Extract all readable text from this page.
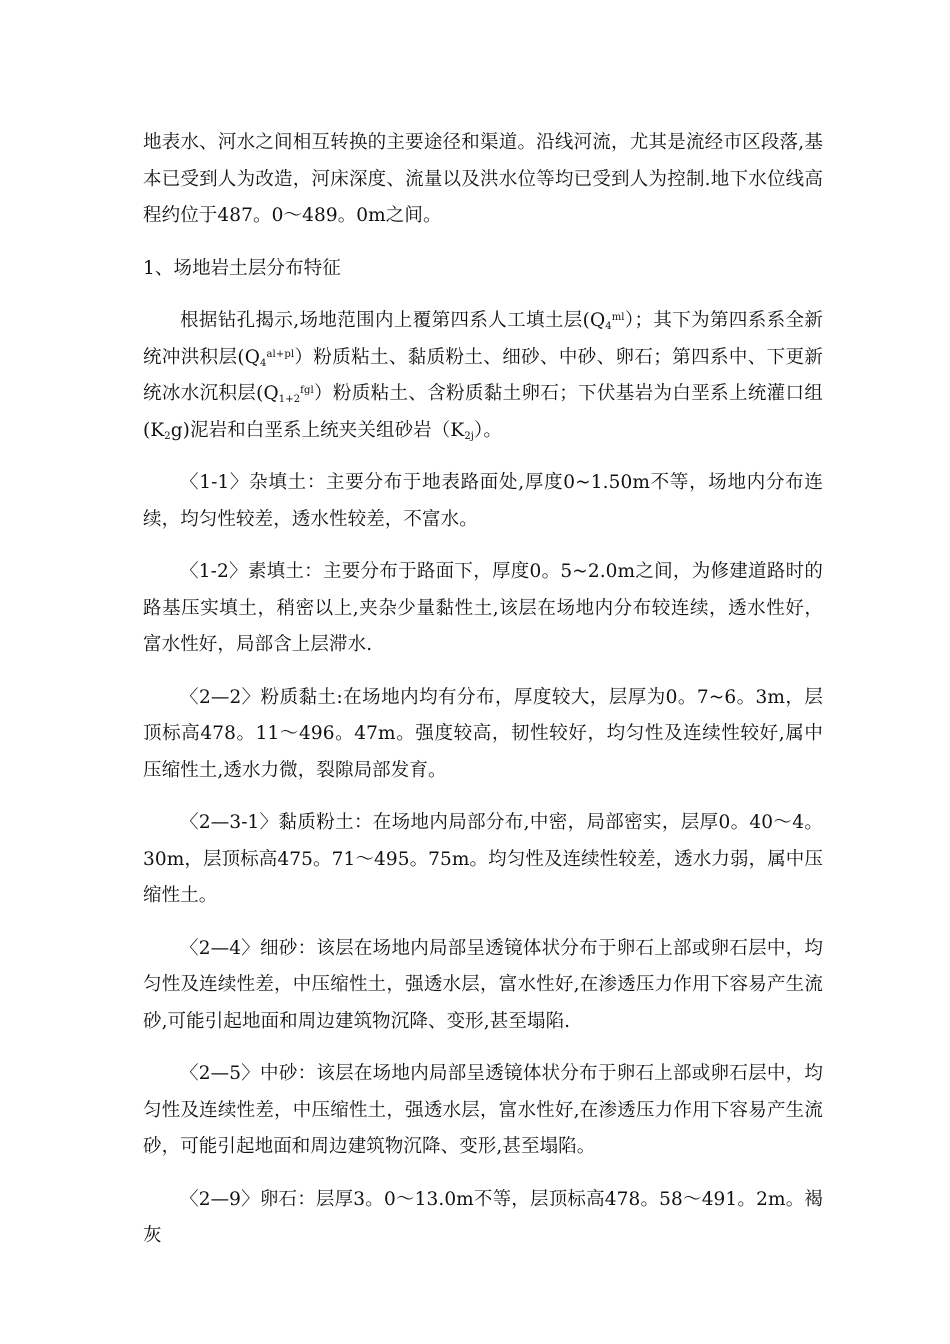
地表水、河水之间相互转换的主要途径和渠道。沿线河流，尤其是流经市区段落,基本已受到人为改造，河床深度、流量以及洪水位等均已受到人为控制.地下水位线高程约位于487。0～489。0m之间。

1、场地岩土层分布特征

根据钻孔揭示,场地范围内上覆第四系人工填土层$(Q_4^{ml})$；其下为第四系系全新统冲洪积层$(Q_4^{al+pl})$粉质粘土、黏质粉土、细砂、中砂、卵石；第四系中、下更新统冰水沉积层$(Q_{1+2}^{fgl})$粉质粘土、含粉质黏土卵石；下伏基岩为白垩系上统灌口组$(K_2g)$泥岩和白垩系上统夹关组砂岩$(K_{2j})$。

〈1-1〉杂填土：主要分布于地表路面处,厚度0~1.50m不等，场地内分布连续，均匀性较差，透水性较差，不富水。

〈1-2〉素填土：主要分布于路面下，厚度0。5~2.0m之间，为修建道路时的路基压实填土，稍密以上,夹杂少量黏性土,该层在场地内分布较连续，透水性好，富水性好，局部含上层滞水.

〈2—2〉粉质黏土:在场地内均有分布，厚度较大，层厚为0。7~6。3m，层顶标高478。11～496。47m。强度较高，韧性较好，均匀性及连续性较好,属中压缩性土,透水力微，裂隙局部发育。

〈2—3-1〉黏质粉土：在场地内局部分布,中密，局部密实，层厚0。40～4。30m，层顶标高475。71～495。75m。均匀性及连续性较差，透水力弱，属中压缩性土。

〈2—4〉细砂：该层在场地内局部呈透镜体状分布于卵石上部或卵石层中，均匀性及连续性差，中压缩性土，强透水层，富水性好,在渗透压力作用下容易产生流砂,可能引起地面和周边建筑物沉降、变形,甚至塌陷.

〈2—5〉中砂：该层在场地内局部呈透镜体状分布于卵石上部或卵石层中，均匀性及连续性差，中压缩性土，强透水层，富水性好,在渗透压力作用下容易产生流砂，可能引起地面和周边建筑物沉降、变形,甚至塌陷。

〈2—9〉卵石：层厚3。0～13.0m不等，层顶标高478。58～491。2m。褐灰
